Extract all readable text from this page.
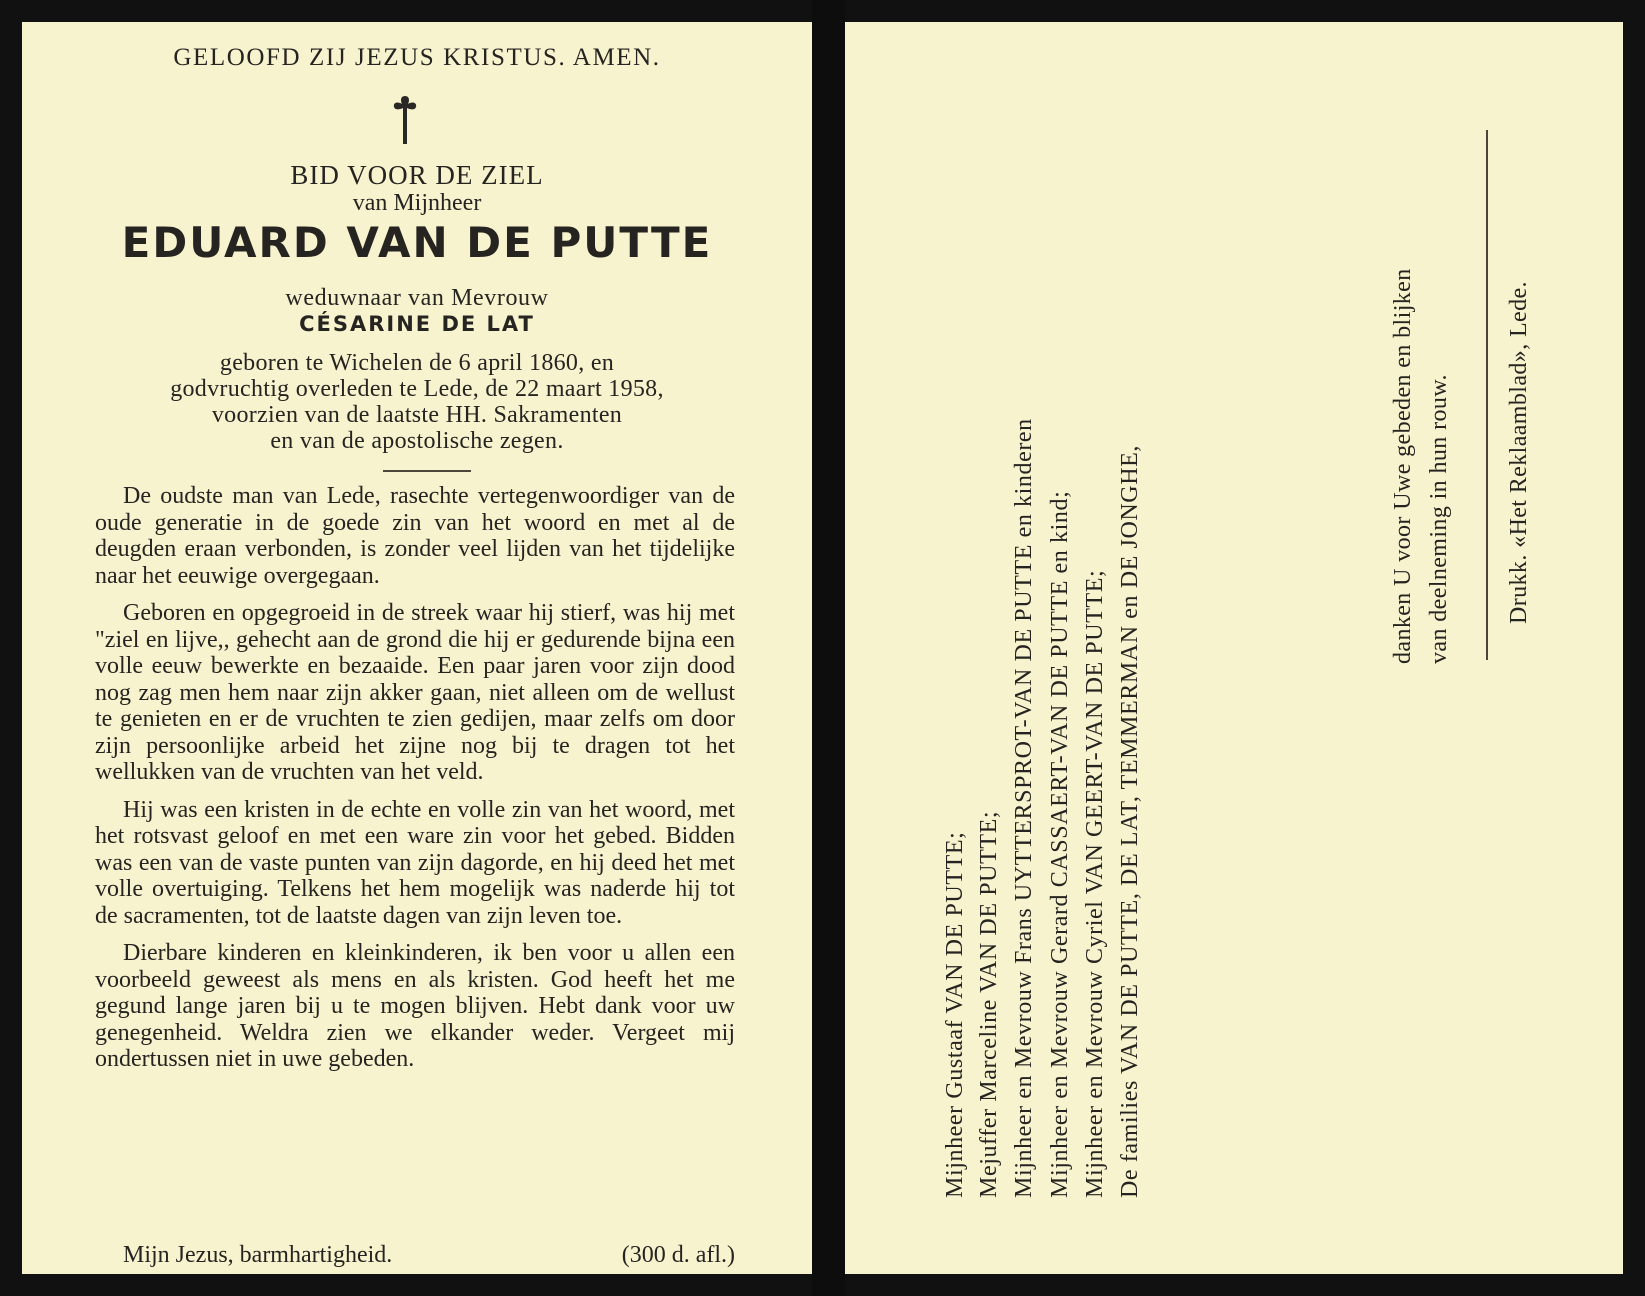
GELOOFD ZIJ JEZUS KRISTUS. AMEN.
BID VOOR DE ZIEL
van Mijnheer
EDUARD VAN DE PUTTE
weduwnaar van Mevrouw
CÉSARINE DE LAT
geboren te Wichelen de 6 april 1860, en
godvruchtig overleden te Lede, de 22 maart 1958,
voorzien van de laatste HH. Sakramenten
en van de apostolische zegen.

De oudste man van Lede, rasechte vertegenwoordiger van de oude generatie in de goede zin van het woord en met al de deugden eraan verbonden, is zonder veel lijden van het tijdelijke naar het eeuwige overgegaan.

Geboren en opgegroeid in de streek waar hij stierf, was hij met "ziel en lijve,, gehecht aan de grond die hij er gedurende bijna een volle eeuw bewerkte en bezaaide. Een paar jaren voor zijn dood nog zag men hem naar zijn akker gaan, niet alleen om de wellust te genieten en er de vruchten te zien gedijen, maar zelfs om door zijn persoonlijke arbeid het zijne nog bij te dragen tot het wellukken van de vruchten van het veld.

Hij was een kristen in de echte en volle zin van het woord, met het rotsvast geloof en met een ware zin voor het gebed. Bidden was een van de vaste punten van zijn dagorde, en hij deed het met volle overtuiging. Telkens het hem mogelijk was naderde hij tot de sacramenten, tot de laatste dagen van zijn leven toe.

Dierbare kinderen en kleinkinderen, ik ben voor u allen een voorbeeld geweest als mens en als kristen. God heeft het me gegund lange jaren bij u te mogen blijven. Hebt dank voor uw genegenheid. Weldra zien we elkander weder. Vergeet mij ondertussen niet in uwe gebeden.

Mijn Jezus, barmhartigheid.	(300 d. afl.)
Mijnheer Gustaaf VAN DE PUTTE; Mejuffer Marceline VAN DE PUTTE; Mijnheer en Mevrouw Frans UYTTERSPROT-VAN DE PUTTE en kinderen Mijnheer en Mevrouw Gerard CASSAERT-VAN DE PUTTE en kind; Mijnheer en Mevrouw Cyriel VAN GEERT-VAN DE PUTTE; De families VAN DE PUTTE, DE LAT, TEMMERMAN en DE JONGHE,	danken U voor Uwe gebeden en blijken van deelneming in hun rouw. Drukk. «Het Reklaamblad», Lede.
